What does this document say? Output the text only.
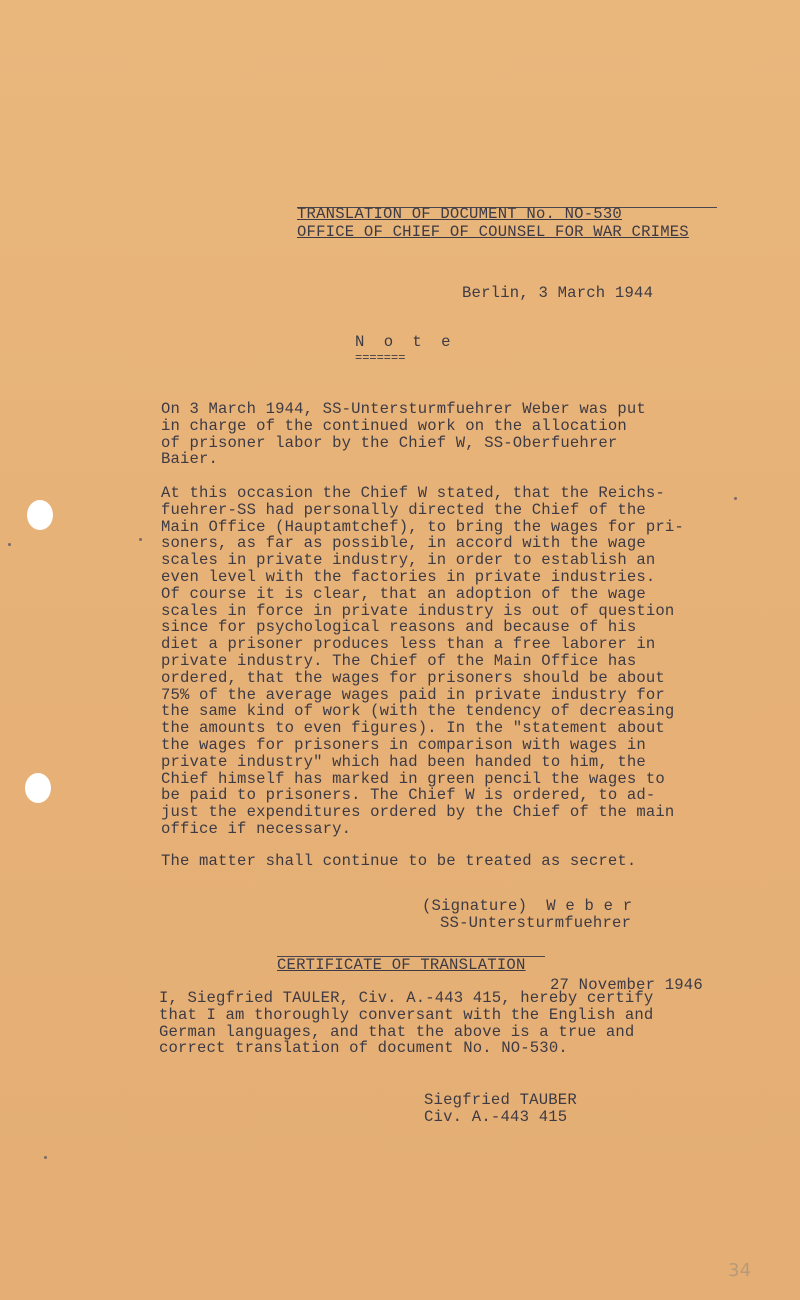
TRANSLATION OF DOCUMENT No. NO-530
OFFICE OF CHIEF OF COUNSEL FOR WAR CRIMES
Berlin, 3 March 1944
N o t e
=======
On 3 March 1944, SS-Untersturmfuehrer Weber was put
in charge of the continued work on the allocation
of prisoner labor by the Chief W, SS-Oberfuehrer
Baier.
At this occasion the Chief W stated, that the Reichs-
fuehrer-SS had personally directed the Chief of the
Main Office (Hauptamtchef), to bring the wages for pri-
soners, as far as possible, in accord with the wage
scales in private industry, in order to establish an
even level with the factories in private industries.
Of course it is clear, that an adoption of the wage
scales in force in private industry is out of question
since for psychological reasons and because of his
diet a prisoner produces less than a free laborer in
private industry. The Chief of the Main Office has
ordered, that the wages for prisoners should be about
75% of the average wages paid in private industry for
the same kind of work (with the tendency of decreasing
the amounts to even figures). In the "statement about
the wages for prisoners in comparison with wages in
private industry" which had been handed to him, the
Chief himself has marked in green pencil the wages to
be paid to prisoners. The Chief W is ordered, to ad-
just the expenditures ordered by the Chief of the main
office if necessary.
The matter shall continue to be treated as secret.
(Signature)  W e b e r
SS-Untersturmfuehrer
CERTIFICATE OF TRANSLATION
27 November 1946
I, Siegfried TAULER, Civ. A.-443 415, hereby certify
that I am thoroughly conversant with the English and
German languages, and that the above is a true and
correct translation of document No. NO-530.
Siegfried TAUBER
Civ. A.-443 415
34
